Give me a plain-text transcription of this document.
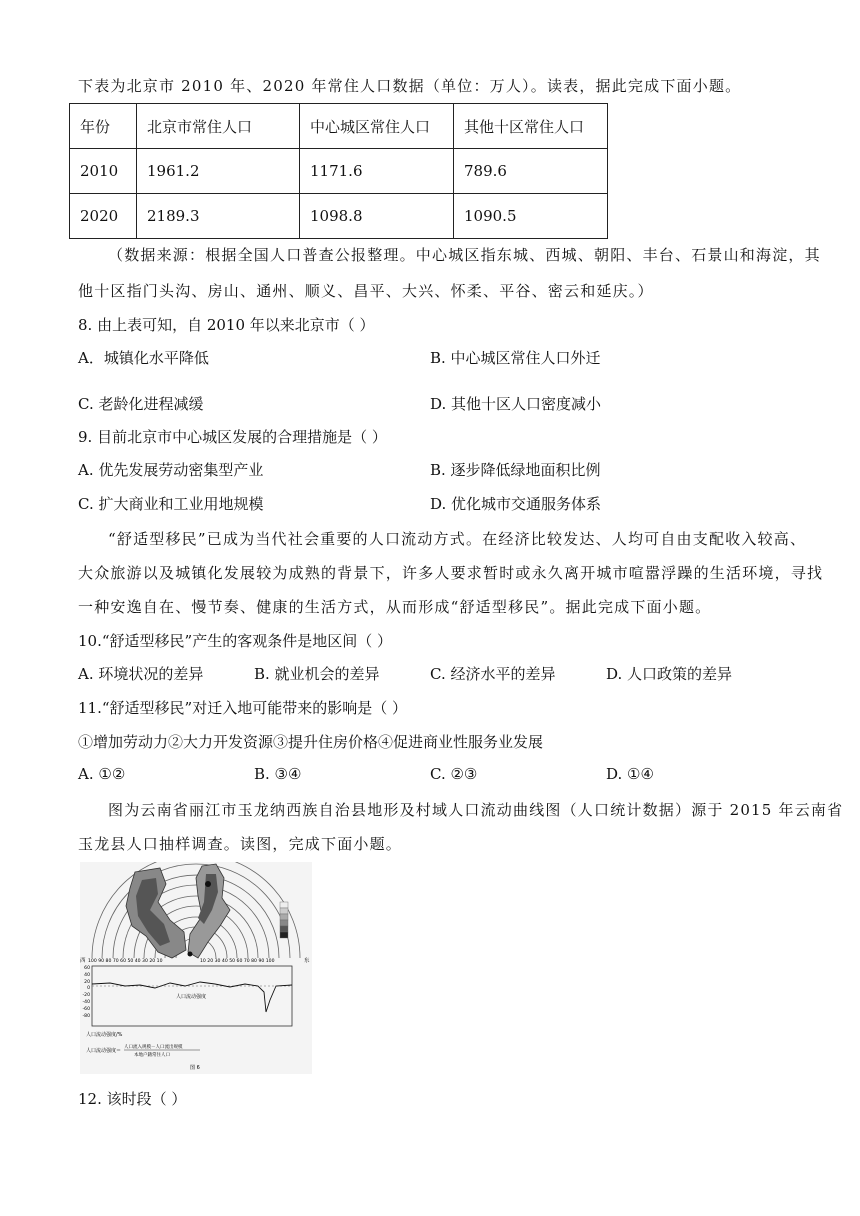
下表为北京市 2010 年、2020 年常住人口数据（单位：万人）。读表，据此完成下面小题。
年份	北京市常住人口	中心城区常住人口	其他十区常住人口
2010	1961.2	1171.6	789.6
2020	2189.3	1098.8	1090.5
（数据来源：根据全国人口普查公报整理。中心城区指东城、西城、朝阳、丰台、石景山和海淀，其
他十区指门头沟、房山、通州、顺义、昌平、大兴、怀柔、平谷、密云和延庆。）
8. 由上表可知，自 2010 年以来北京市（ ）
A．城镇化水平降低	B. 中心城区常住人口外迁
C. 老龄化进程减缓	D. 其他十区人口密度减小
9. 目前北京市中心城区发展的合理措施是（ ）
A. 优先发展劳动密集型产业	B. 逐步降低绿地面积比例
C. 扩大商业和工业用地规模	D. 优化城市交通服务体系
“舒适型移民”已成为当代社会重要的人口流动方式。在经济比较发达、人均可自由支配收入较高、
大众旅游以及城镇化发展较为成熟的背景下，许多人要求暂时或永久离开城市喧嚣浮躁的生活环境，寻找
一种安逸自在、慢节奏、健康的生活方式，从而形成“舒适型移民”。据此完成下面小题。
10.“舒适型移民”产生的客观条件是地区间（ ）
A. 环境状况的差异	B. 就业机会的差异	C. 经济水平的差异	D. 人口政策的差异
11.“舒适型移民”对迁入地可能带来的影响是（ ）
①增加劳动力②大力开发资源③提升住房价格④促进商业性服务业发展
A. ①②	B. ③④	C. ②③	D. ①④
图为云南省丽江市玉龙纳西族自治县地形及村域人口流动曲线图（人口统计数据）源于 2015 年云南省
玉龙县人口抽样调查。读图，完成下面小题。
西 100 90 80 70 60 50 40 30 20 10	10 20 30 40 50 60 70 80 90 100	东
60
40
20
0
-20
-40
-60
-80
人口流动强度
人口流动强度/%
人口流动强度＝
人口流入规模－人口流出规模
本地户籍常住人口
图 6
12. 该时段（ ）
